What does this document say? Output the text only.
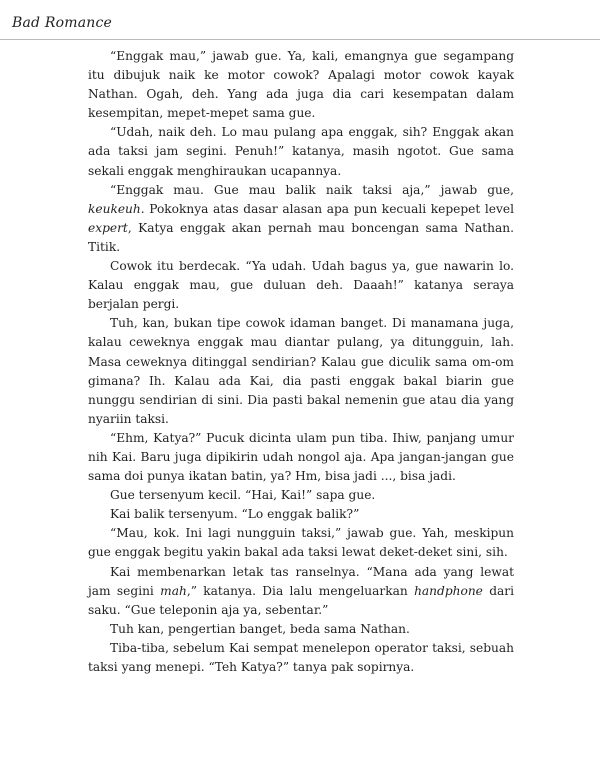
Bad Romance

“Enggak mau,” jawab gue. Ya, kali, emangnya gue segampang itu dibujuk naik ke motor cowok? Apalagi motor cowok kayak Nathan. Ogah, deh. Yang ada juga dia cari kesempatan dalam kesempitan, mepet-mepet sama gue.

“Udah, naik deh. Lo mau pulang apa enggak, sih? Enggak akan ada taksi jam segini. Penuh!” katanya, masih ngotot. Gue sama sekali enggak menghiraukan ucapannya.

“Enggak mau. Gue mau balik naik taksi aja,” jawab gue, keukeuh. Pokoknya atas dasar alasan apa pun kecuali kepepet level expert, Katya enggak akan pernah mau boncengan sama Nathan. Titik.

Cowok itu berdecak. “Ya udah. Udah bagus ya, gue nawarin lo. Kalau enggak mau, gue duluan deh. Daaah!” katanya seraya berjalan pergi.

Tuh, kan, bukan tipe cowok idaman banget. Di manamana juga, kalau ceweknya enggak mau diantar pulang, ya ditungguin, lah. Masa ceweknya ditinggal sendirian? Kalau gue diculik sama om-om gimana? Ih. Kalau ada Kai, dia pasti enggak bakal biarin gue nunggu sendirian di sini. Dia pasti bakal nemenin gue atau dia yang nyariin taksi.

“Ehm, Katya?” Pucuk dicinta ulam pun tiba. Ihiw, panjang umur nih Kai. Baru juga dipikirin udah nongol aja. Apa jangan-jangan gue sama doi punya ikatan batin, ya? Hm, bisa jadi ..., bisa jadi.

Gue tersenyum kecil. “Hai, Kai!” sapa gue.

Kai balik tersenyum. “Lo enggak balik?”

“Mau, kok. Ini lagi nungguin taksi,” jawab gue. Yah, meskipun gue enggak begitu yakin bakal ada taksi lewat deket-deket sini, sih.

Kai membenarkan letak tas ranselnya. “Mana ada yang lewat jam segini mah,” katanya. Dia lalu mengeluarkan handphone dari saku. “Gue teleponin aja ya, sebentar.”

Tuh kan, pengertian banget, beda sama Nathan.

Tiba-tiba, sebelum Kai sempat menelepon operator taksi, sebuah taksi yang menepi. “Teh Katya?” tanya pak sopirnya.
